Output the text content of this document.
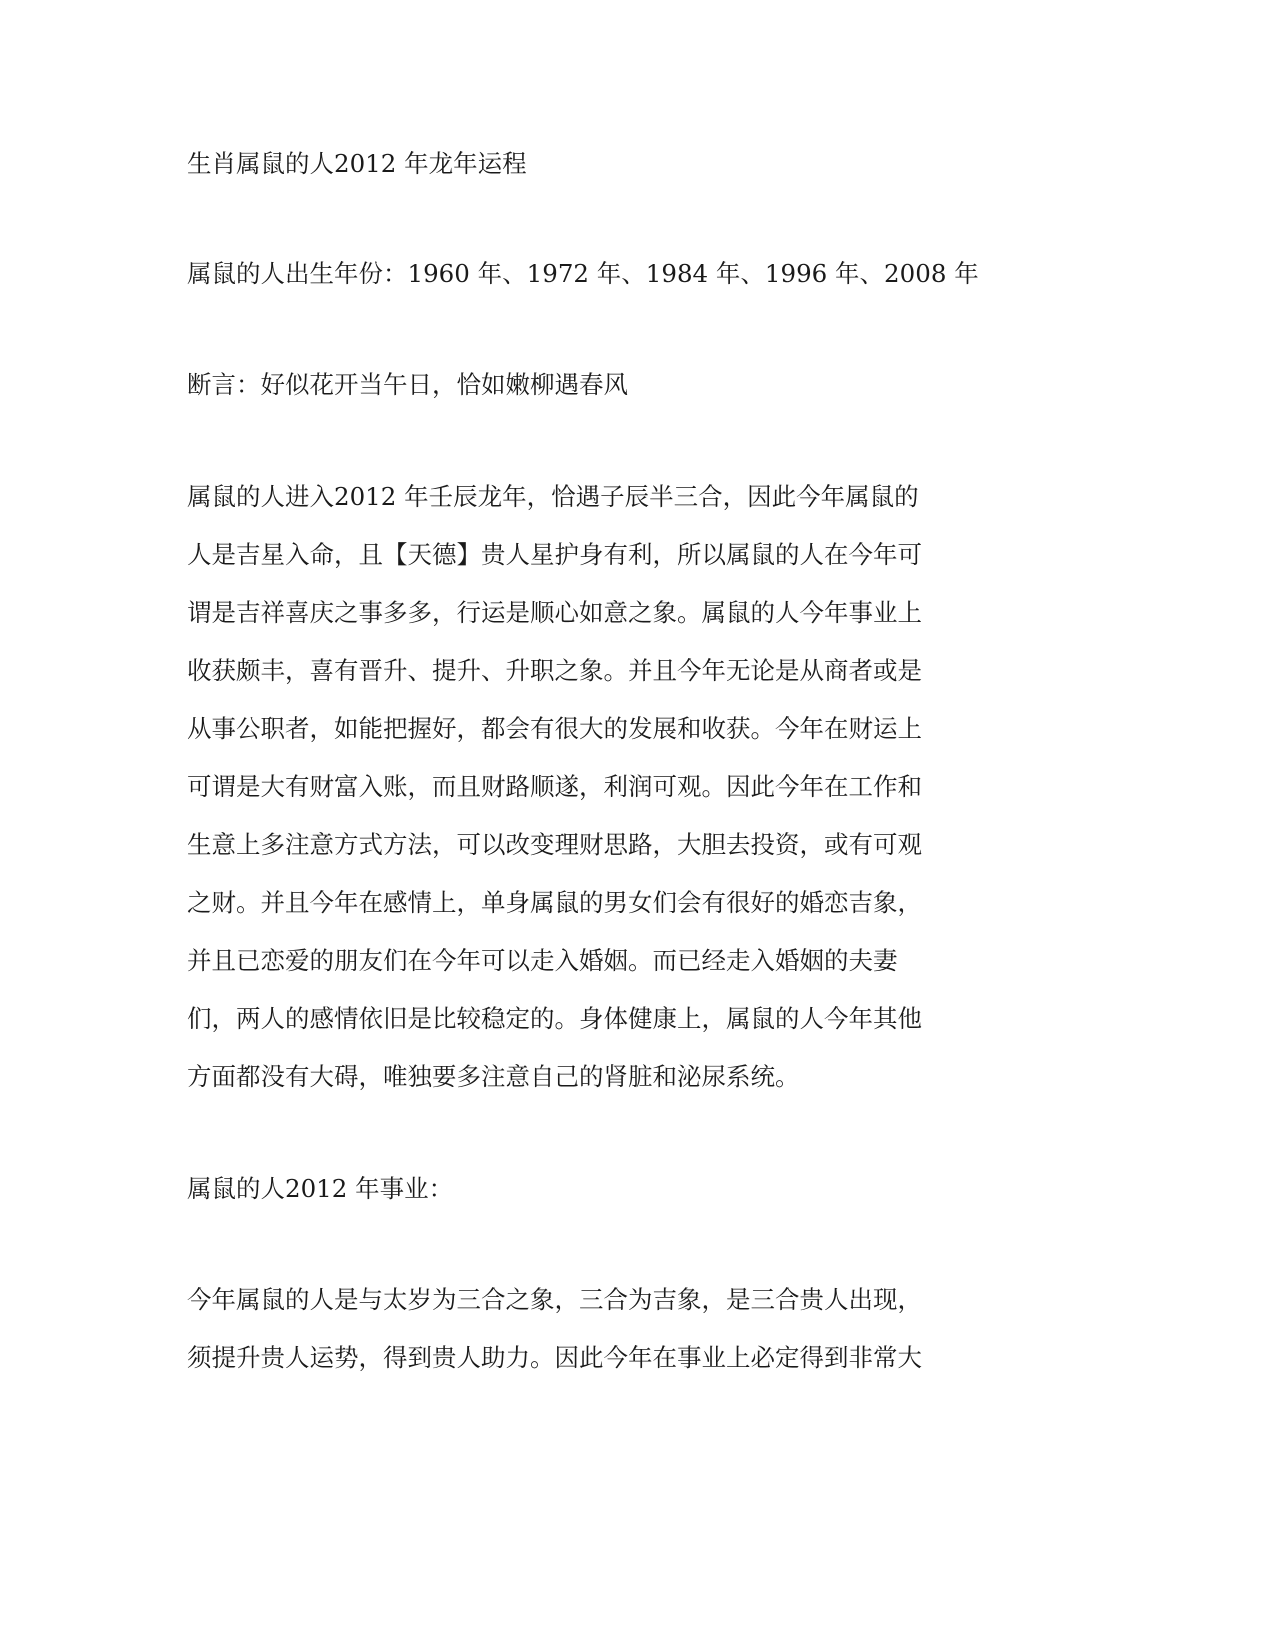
生肖属鼠的人2012 年龙年运程

属鼠的人出生年份：1960 年、1972 年、1984 年、1996 年、2008 年

断言：好似花开当午日，恰如嫩柳遇春风

属鼠的人进入2012 年壬辰龙年，恰遇子辰半三合，因此今年属鼠的

人是吉星入命，且【天德】贵人星护身有利，所以属鼠的人在今年可

谓是吉祥喜庆之事多多，行运是顺心如意之象。属鼠的人今年事业上

收获颇丰，喜有晋升、提升、升职之象。并且今年无论是从商者或是

从事公职者，如能把握好，都会有很大的发展和收获。今年在财运上

可谓是大有财富入账，而且财路顺遂，利润可观。因此今年在工作和

生意上多注意方式方法，可以改变理财思路，大胆去投资，或有可观

之财。并且今年在感情上，单身属鼠的男女们会有很好的婚恋吉象，

并且已恋爱的朋友们在今年可以走入婚姻。而已经走入婚姻的夫妻

们，两人的感情依旧是比较稳定的。身体健康上，属鼠的人今年其他

方面都没有大碍，唯独要多注意自己的肾脏和泌尿系统。

属鼠的人2012 年事业：

今年属鼠的人是与太岁为三合之象，三合为吉象，是三合贵人出现，

须提升贵人运势，得到贵人助力。因此今年在事业上必定得到非常大
